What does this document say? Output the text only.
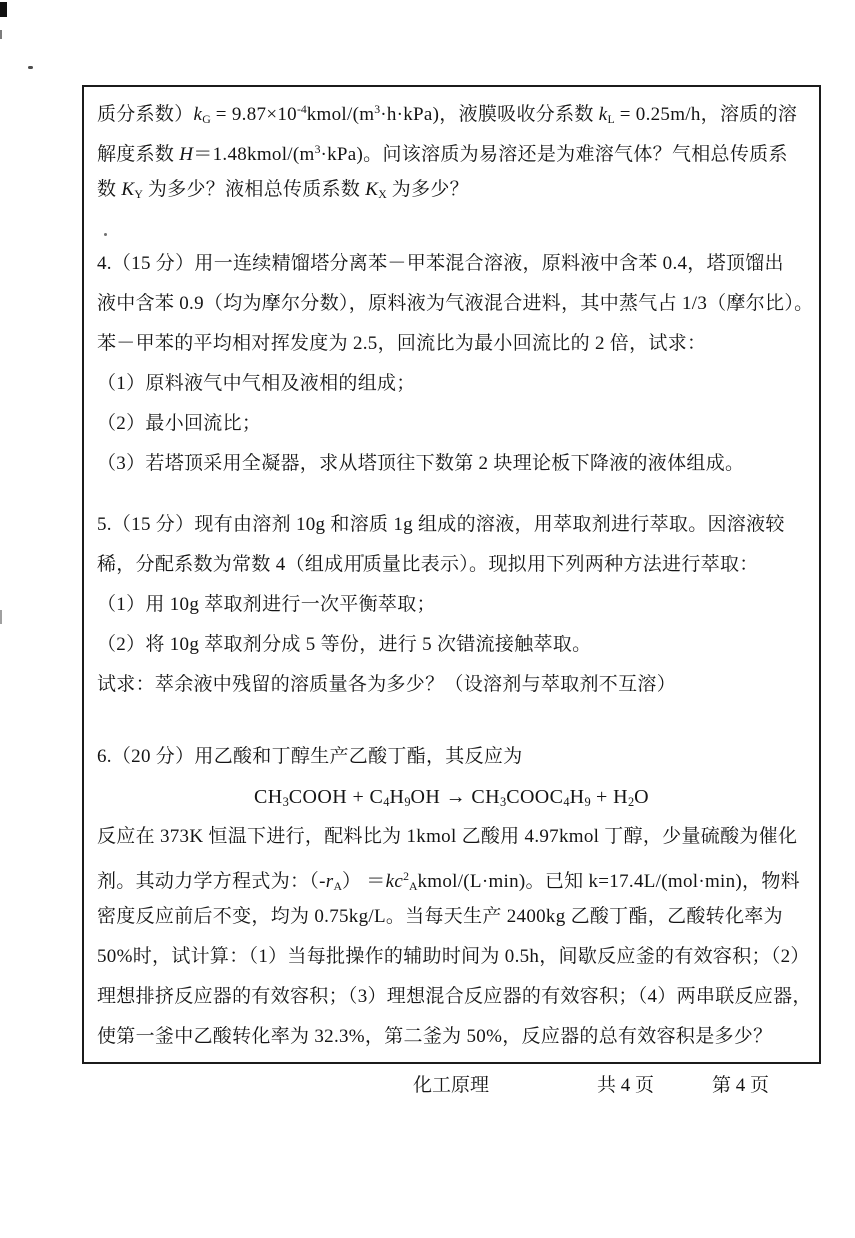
质分系数）$k_G$ = $9.87\times 10^{-4}kmol/(m^3\cdot h\cdot kPa)$，液膜吸收分系数 $k_L = 0.25m/h$，溶质的溶
解度系数 $H=1.48kmol/(m^3\cdot kPa)$。问该溶质为易溶还是为难溶气体？气相总传质系
数 $K_Y$ 为多少？液相总传质系数 $K_X$ 为多少？
4.（15 分）用一连续精馏塔分离苯－甲苯混合溶液，原料液中含苯 0.4，塔顶馏出
液中含苯 0.9（均为摩尔分数），原料液为气液混合进料，其中蒸气占 1/3（摩尔比）。
苯－甲苯的平均相对挥发度为 2.5，回流比为最小回流比的 2 倍，试求：
（1）原料液气中气相及液相的组成；
（2）最小回流比；
（3）若塔顶采用全凝器，求从塔顶往下数第 2 块理论板下降液的液体组成。
5.（15 分）现有由溶剂 10g 和溶质 1g 组成的溶液，用萃取剂进行萃取。因溶液较
稀，分配系数为常数 4（组成用质量比表示）。现拟用下列两种方法进行萃取：
（1）用 10g 萃取剂进行一次平衡萃取；
（2）将 10g 萃取剂分成 5 等份，进行 5 次错流接触萃取。
试求：萃余液中残留的溶质量各为多少？（设溶剂与萃取剂不互溶）
6.（20 分）用乙酸和丁醇生产乙酸丁酯，其反应为
$CH_3COOH + C_4H_9OH$ → $CH_3COOC_4H_9 + H_2O$
反应在 373K 恒温下进行，配料比为 1kmol 乙酸用 4.97kmol 丁醇，少量硫酸为催化
剂。其动力学方程式为：$(-r_A)$ $=kc^2_Akmol/(L\cdot\min)$。已知 k=17.4L/(mol·min)，物料
密度反应前后不变，均为 0.75kg/L。当每天生产 2400kg 乙酸丁酯，乙酸转化率为
50%时，试计算：（1）当每批操作的辅助时间为 0.5h，间歇反应釜的有效容积；（2）
理想排挤反应器的有效容积；（3）理想混合反应器的有效容积；（4）两串联反应器，
使第一釜中乙酸转化率为 32.3%，第二釜为 50%，反应器的总有效容积是多少？
化工原理	共 4 页	第 4 页
